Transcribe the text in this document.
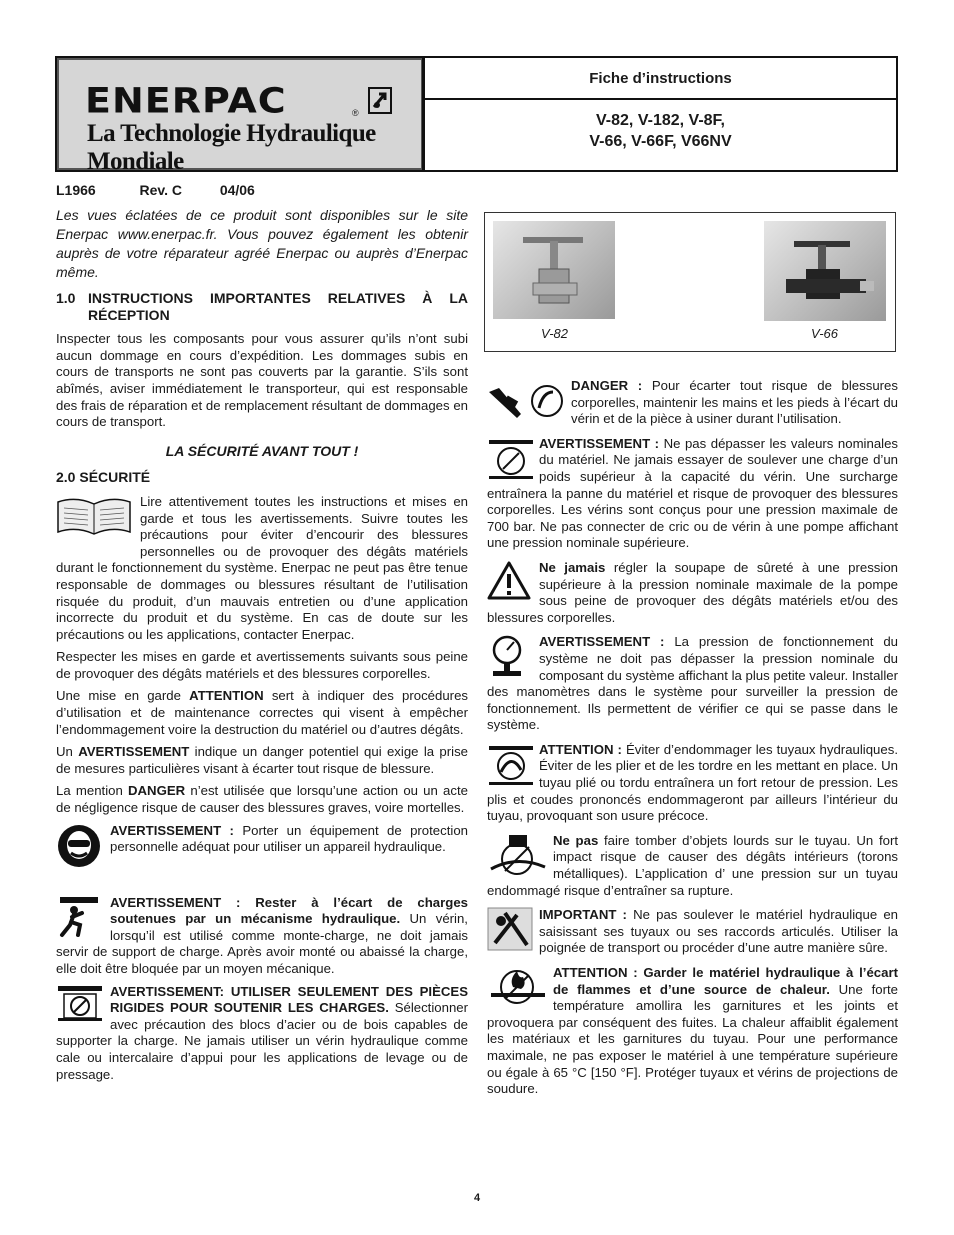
ENERPAC	®
La Technologie Hydraulique Mondiale
Fiche d’instructions
V-82, V-182, V-8F,
V-66, V-66F, V66NV
L1966	Rev. C	04/06

Les vues éclatées de ce produit sont disponibles sur le site Enerpac www.enerpac.fr. Vous pouvez également les obtenir auprès de votre réparateur agréé Enerpac ou auprès d’Enerpac même.

1.0 INSTRUCTIONS IMPORTANTES RELATIVES À LA RÉCEPTION

Inspecter tous les composants pour vous assurer qu’ils n’ont subi aucun dommage en cours d’expédition. Les dommages subis en cours de transports ne sont pas couverts par la garantie. S’ils sont abîmés, aviser immédiatement le transporteur, qui est responsable des frais de réparation et de remplacement résultant de dommages en cours de transport.

LA SÉCURITÉ AVANT TOUT !
2.0 SÉCURITÉ

Lire attentivement toutes les instructions et mises en garde et tous les avertissements. Suivre toutes les précautions pour éviter d’encourir des blessures personnelles ou de provoquer des dégâts matériels durant le fonctionnement du système. Enerpac ne peut pas être tenue responsable de dommages ou blessures résultant de l’utilisation risquée du produit, d’un mauvais entretien ou d’une application incorrecte du produit et du système. En cas de doute sur les précautions ou les applications, contacter Enerpac.

Respecter les mises en garde et avertissements suivants sous peine de provoquer des dégâts matériels et des blessures corporelles.

Une mise en garde ATTENTION sert à indiquer des procédures d’utilisation et de maintenance correctes qui visent à empêcher l’endommagement voire la destruction du matériel ou d’autres dégâts.

Un AVERTISSEMENT indique un danger potentiel qui exige la prise de mesures particulières visant à écarter tout risque de blessure.

La mention DANGER n’est utilisée que lorsqu’une action ou un acte de négligence risque de causer des blessures graves, voire mortelles.

AVERTISSEMENT : Porter un équipement de protection personnelle adéquat pour utiliser un appareil hydraulique.

AVERTISSEMENT : Rester à l’écart de charges soutenues par un mécanisme hydraulique. Un vérin, lorsqu’il est utilisé comme monte-charge, ne doit jamais servir de support de charge. Après avoir monté ou abaissé la charge, elle doit être bloquée par un moyen mécanique.

AVERTISSEMENT: UTILISER SEULEMENT DES PIÈCES RIGIDES POUR SOUTENIR LES CHARGES. Sélectionner avec précaution des blocs d’acier ou de bois capables de supporter la charge. Ne jamais utiliser un vérin hydraulique comme cale ou intercalaire d’appui pour les applications de levage ou de pressage.

V-82	V-66

DANGER : Pour écarter tout risque de blessures corporelles, maintenir les mains et les pieds à l’écart du vérin et de la pièce à usiner durant l’utilisation.

AVERTISSEMENT : Ne pas dépasser les valeurs nominales du matériel. Ne jamais essayer de soulever une charge d’un poids supérieur à la capacité du vérin. Une surcharge entraînera la panne du matériel et risque de provoquer des blessures corporelles. Les vérins sont conçus pour une pression maximale de 700 bar. Ne pas connecter de cric ou de vérin à une pompe affichant une pression nominale supérieure.

Ne jamais régler la soupape de sûreté à une pression supérieure à la pression nominale maximale de la pompe sous peine de provoquer des dégâts matériels et/ou des blessures corporelles.

AVERTISSEMENT : La pression de fonctionnement du système ne doit pas dépasser la pression nominale du composant du système affichant la plus petite valeur. Installer des manomètres dans le système pour surveiller la pression de fonctionnement. Ils permettent de vérifier ce qui se passe dans le système.

ATTENTION : Éviter d’endommager les tuyaux hydrauliques. Éviter de les plier et de les tordre en les mettant en place. Un tuyau plié ou tordu entraînera un fort retour de pression. Les plis et coudes prononcés endommageront par ailleurs l’intérieur du tuyau, provoquant son usure précoce.

Ne pas faire tomber d’objets lourds sur le tuyau. Un fort impact risque de causer des dégâts intérieurs (torons métalliques). L’application d’ une pression sur un tuyau endommagé risque d’entraîner sa rupture.

IMPORTANT : Ne pas soulever le matériel hydraulique en saisissant ses tuyaux ou ses raccords articulés. Utiliser la poignée de transport ou procéder d’une autre manière sûre.

ATTENTION : Garder le matériel hydraulique à l’écart de flammes et d’une source de chaleur. Une forte température amollira les garnitures et les joints et provoquera par conséquent des fuites. La chaleur affaiblit également les matériaux et les garnitures du tuyau. Pour une performance maximale, ne pas exposer le matériel à une température supérieure ou égale à 65 °C [150 °F]. Protéger tuyaux et vérins de projections de soudure.

4
